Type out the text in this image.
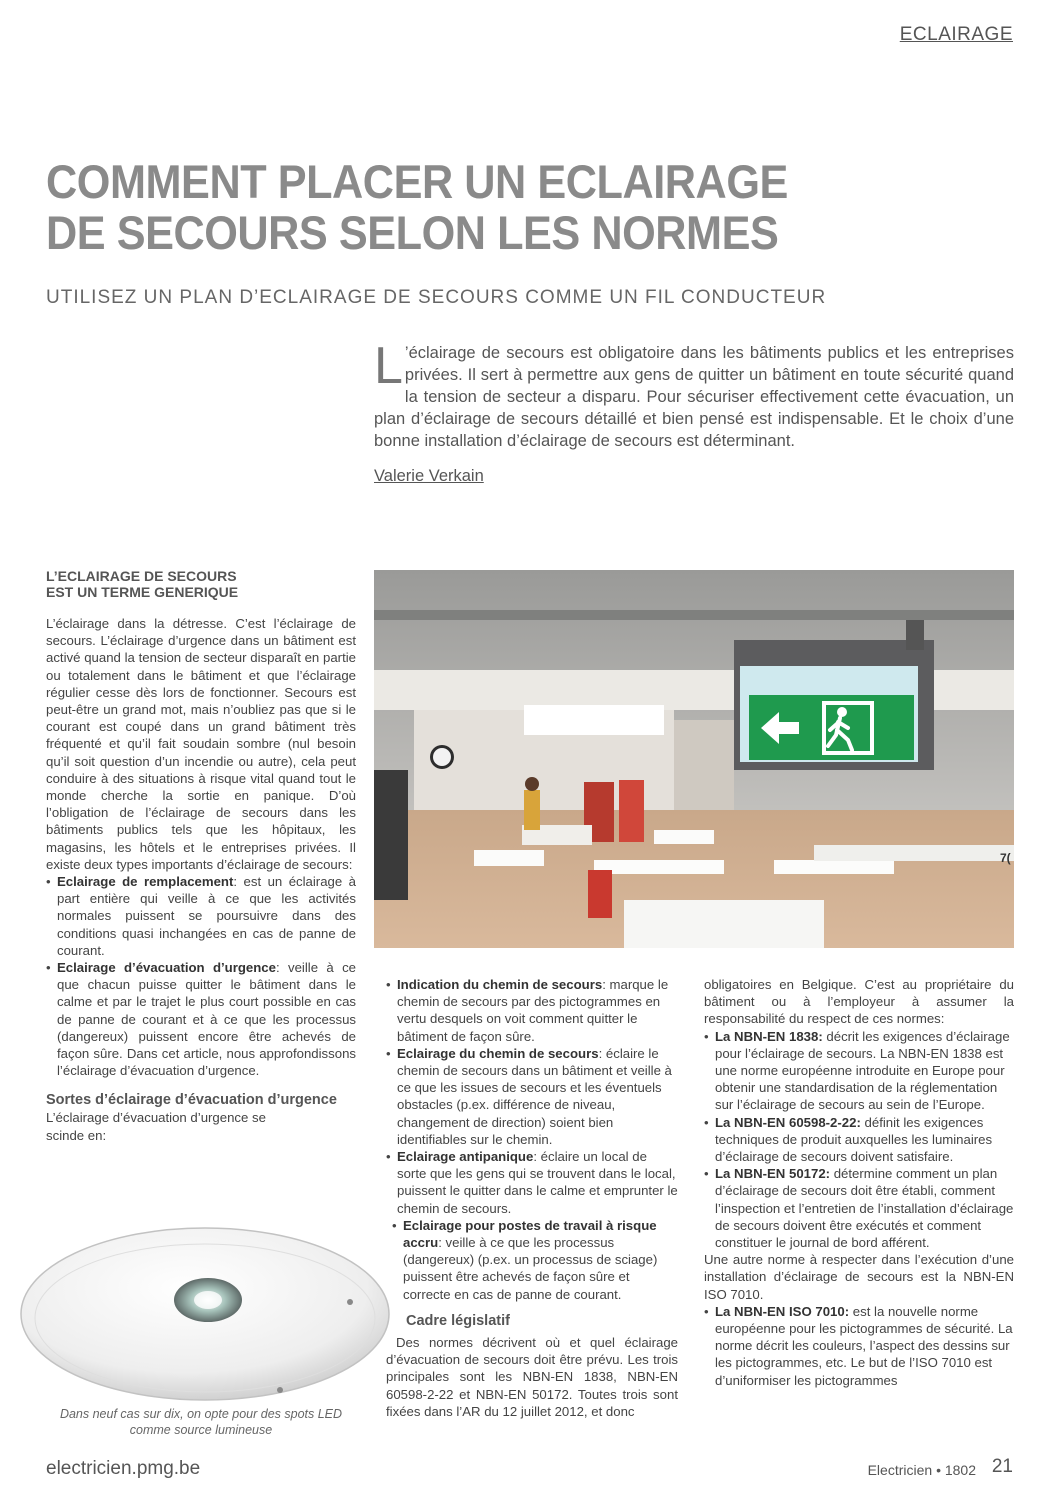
ECLAIRAGE
COMMENT PLACER UN ECLAIRAGE
DE SECOURS SELON LES NORMES
UTILISEZ UN PLAN D’ECLAIRAGE DE SECOURS COMME UN FIL CONDUCTEUR
L ’éclairage de secours est obligatoire dans les bâtiments publics et les entreprises privées. Il sert à permettre aux gens de quitter un bâtiment en toute sécurité quand la tension de secteur a disparu. Pour sécuriser effectivement cette évacuation, un plan d’éclairage de secours détaillé et bien pensé est indispensable. Et le choix d’une bonne installation d’éclairage de secours est déterminant.
Valerie Verkain
L’ECLAIRAGE DE SECOURS
EST UN TERME GENERIQUE

L’éclairage dans la détresse. C’est l’éclairage de secours. L’éclairage d’urgence dans un bâtiment est activé quand la tension de secteur disparaît en partie ou totalement dans le bâtiment et que l’éclairage régulier cesse dès lors de fonctionner. Secours est peut-être un grand mot, mais n’oubliez pas que si le courant est coupé dans un grand bâtiment très fréquenté et qu’il fait soudain sombre (nul besoin qu’il soit question d’un incendie ou autre), cela peut conduire à des situations à risque vital quand tout le monde cherche la sortie en panique. D’où l’obligation de l’éclairage de secours dans les bâtiments publics tels que les hôpitaux, les magasins, les hôtels et le entreprises privées. Il existe deux types importants d’éclairage de secours:

• Eclairage de remplacement: est un éclairage à part entière qui veille à ce que les activités normales puissent se poursuivre dans des conditions quasi inchangées en cas de panne de courant.
• Eclairage d’évacuation d’urgence: veille à ce que chacun puisse quitter le bâtiment dans le calme et par le trajet le plus court possible en cas de panne de courant et à ce que les processus (dangereux) puissent encore être achevés de façon sûre. Dans cet article, nous approfondissons l’éclairage d’évacuation d’urgence.
Sortes d’éclairage d’évacuation d’urgence

L’éclairage d’évacuation d’urgence se scinde en:

7(
• Indication du chemin de secours: marque le chemin de secours par des pictogrammes en vertu desquels on voit comment quitter le bâtiment de façon sûre.
• Eclairage du chemin de secours: éclaire le chemin de secours dans un bâtiment et veille à ce que les issues de secours et les éventuels obstacles (p.ex. différence de niveau, changement de direction) soient bien identifiables sur le chemin.
• Eclairage antipanique: éclaire un local de sorte que les gens qui se trouvent dans le local, puissent le quitter dans le calme et emprunter le chemin de secours.
• Eclairage pour postes de travail à risque accru: veille à ce que les processus (dangereux) (p.ex. un processus de sciage) puissent être achevés de façon sûre et correcte en cas de panne de courant.
Cadre législatif

Des normes décrivent où et quel éclairage d’évacuation de secours doit être prévu. Les trois principales sont les NBN-EN 1838, NBN-EN 60598-2-22 et NBN-EN 50172. Toutes trois sont fixées dans l’AR du 12 juillet 2012, et donc

obligatoires en Belgique. C’est au propriétaire du bâtiment ou à l’employeur à assumer la responsabilité du respect de ces normes:

• La NBN-EN 1838: décrit les exigences d’éclairage pour l’éclairage de secours. La NBN-EN 1838 est une norme européenne introduite en Europe pour obtenir une standardisation de la réglementation sur l’éclairage de secours au sein de l’Europe.
• La NBN-EN 60598-2-22: définit les exigences techniques de produit auxquelles les luminaires d’éclairage de secours doivent satisfaire.
• La NBN-EN 50172: détermine comment un plan d’éclairage de secours doit être établi, comment l’inspection et l’entretien de l’installation d’éclairage de secours doivent être exécutés et comment constituer le journal de bord afférent.

Une autre norme à respecter dans l’exécution d’une installation d’éclairage de secours est la NBN-EN ISO 7010.

• La NBN-EN ISO 7010: est la nouvelle norme européenne pour les pictogrammes de sécurité. La norme décrit les couleurs, l’aspect des dessins sur les pictogrammes, etc. Le but de l’ISO 7010 est d’uniformiser les pictogrammes
Dans neuf cas sur dix, on opte pour des spots LED comme source lumineuse
electricien.pmg.be	Electricien • 1802 21
